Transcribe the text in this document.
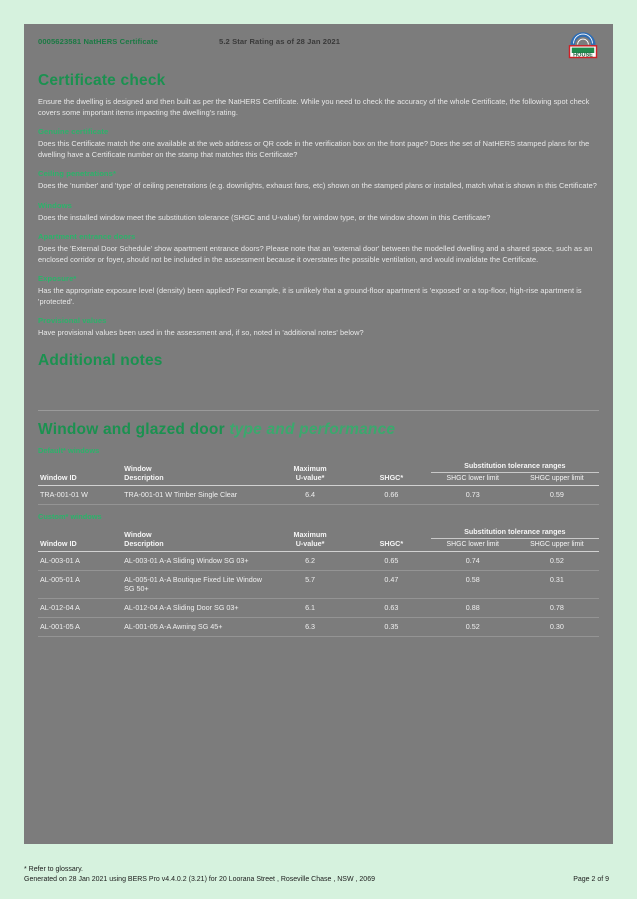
0005623581 NatHERS Certificate	5.2 Star Rating as of 28 Jan 2021
HOUSE
Certificate check

Ensure the dwelling is designed and then built as per the NatHERS Certificate. While you need to check the accuracy of the whole Certificate, the following spot check covers some important items impacting the dwelling's rating.

Genuine certificate

Does this Certificate match the one available at the web address or QR code in the verification box on the front page? Does the set of NatHERS stamped plans for the dwelling have a Certificate number on the stamp that matches this Certificate?

Ceiling penetrations*

Does the 'number' and 'type' of ceiling penetrations (e.g. downlights, exhaust fans, etc) shown on the stamped plans or installed, match what is shown in this Certificate?

Windows

Does the installed window meet the substitution tolerance (SHGC and U-value) for window type, or the window shown in this Certificate?

Apartment entrance doors

Does the 'External Door Schedule' show apartment entrance doors? Please note that an 'external door' between the modelled dwelling and a shared space, such as an enclosed corridor or foyer, should not be included in the assessment because it overstates the possible ventilation, and would invalidate the Certificate.

Exposure*

Has the appropriate exposure level (density) been applied? For example, it is unlikely that a ground-floor apartment is 'exposed' or a top-floor, high-rise apartment is 'protected'.

Provisional values

Have provisional values been used in the assessment and, if so, noted in 'additional notes' below?

Additional notes

Window and glazed door type and performance
Default* windows
Window ID	
Window
Description

Maximum
U-value*	SHGC*	Substitution tolerance ranges
				SHGC lower limit	SHGC upper limit

TRA-001-01 W	TRA-001-01 W Timber Single Clear	6.4	0.66	0.73	0.59
Custom* windows
Window ID	
Window
Description

Maximum
U-value*	SHGC*	Substitution tolerance ranges
				SHGC lower limit	SHGC upper limit

AL-003-01 A	AL-003-01 A-A Sliding Window SG 03+	6.2	0.65	0.74	0.52
AL-005-01 A	AL-005-01 A-A Boutique Fixed Lite Window SG 50+	5.7	0.47	0.58	0.31
AL-012-04 A	AL-012-04 A-A Sliding Door SG 03+	6.1	0.63	0.88	0.78
AL-001-05 A	AL-001-05 A-A Awning SG 45+	6.3	0.35	0.52	0.30
* Refer to glossary.
Generated on 28 Jan 2021 using BERS Pro v4.4.0.2 (3.21) for 20 Loorana Street , Roseville Chase , NSW , 2069	Page 2 of 9
